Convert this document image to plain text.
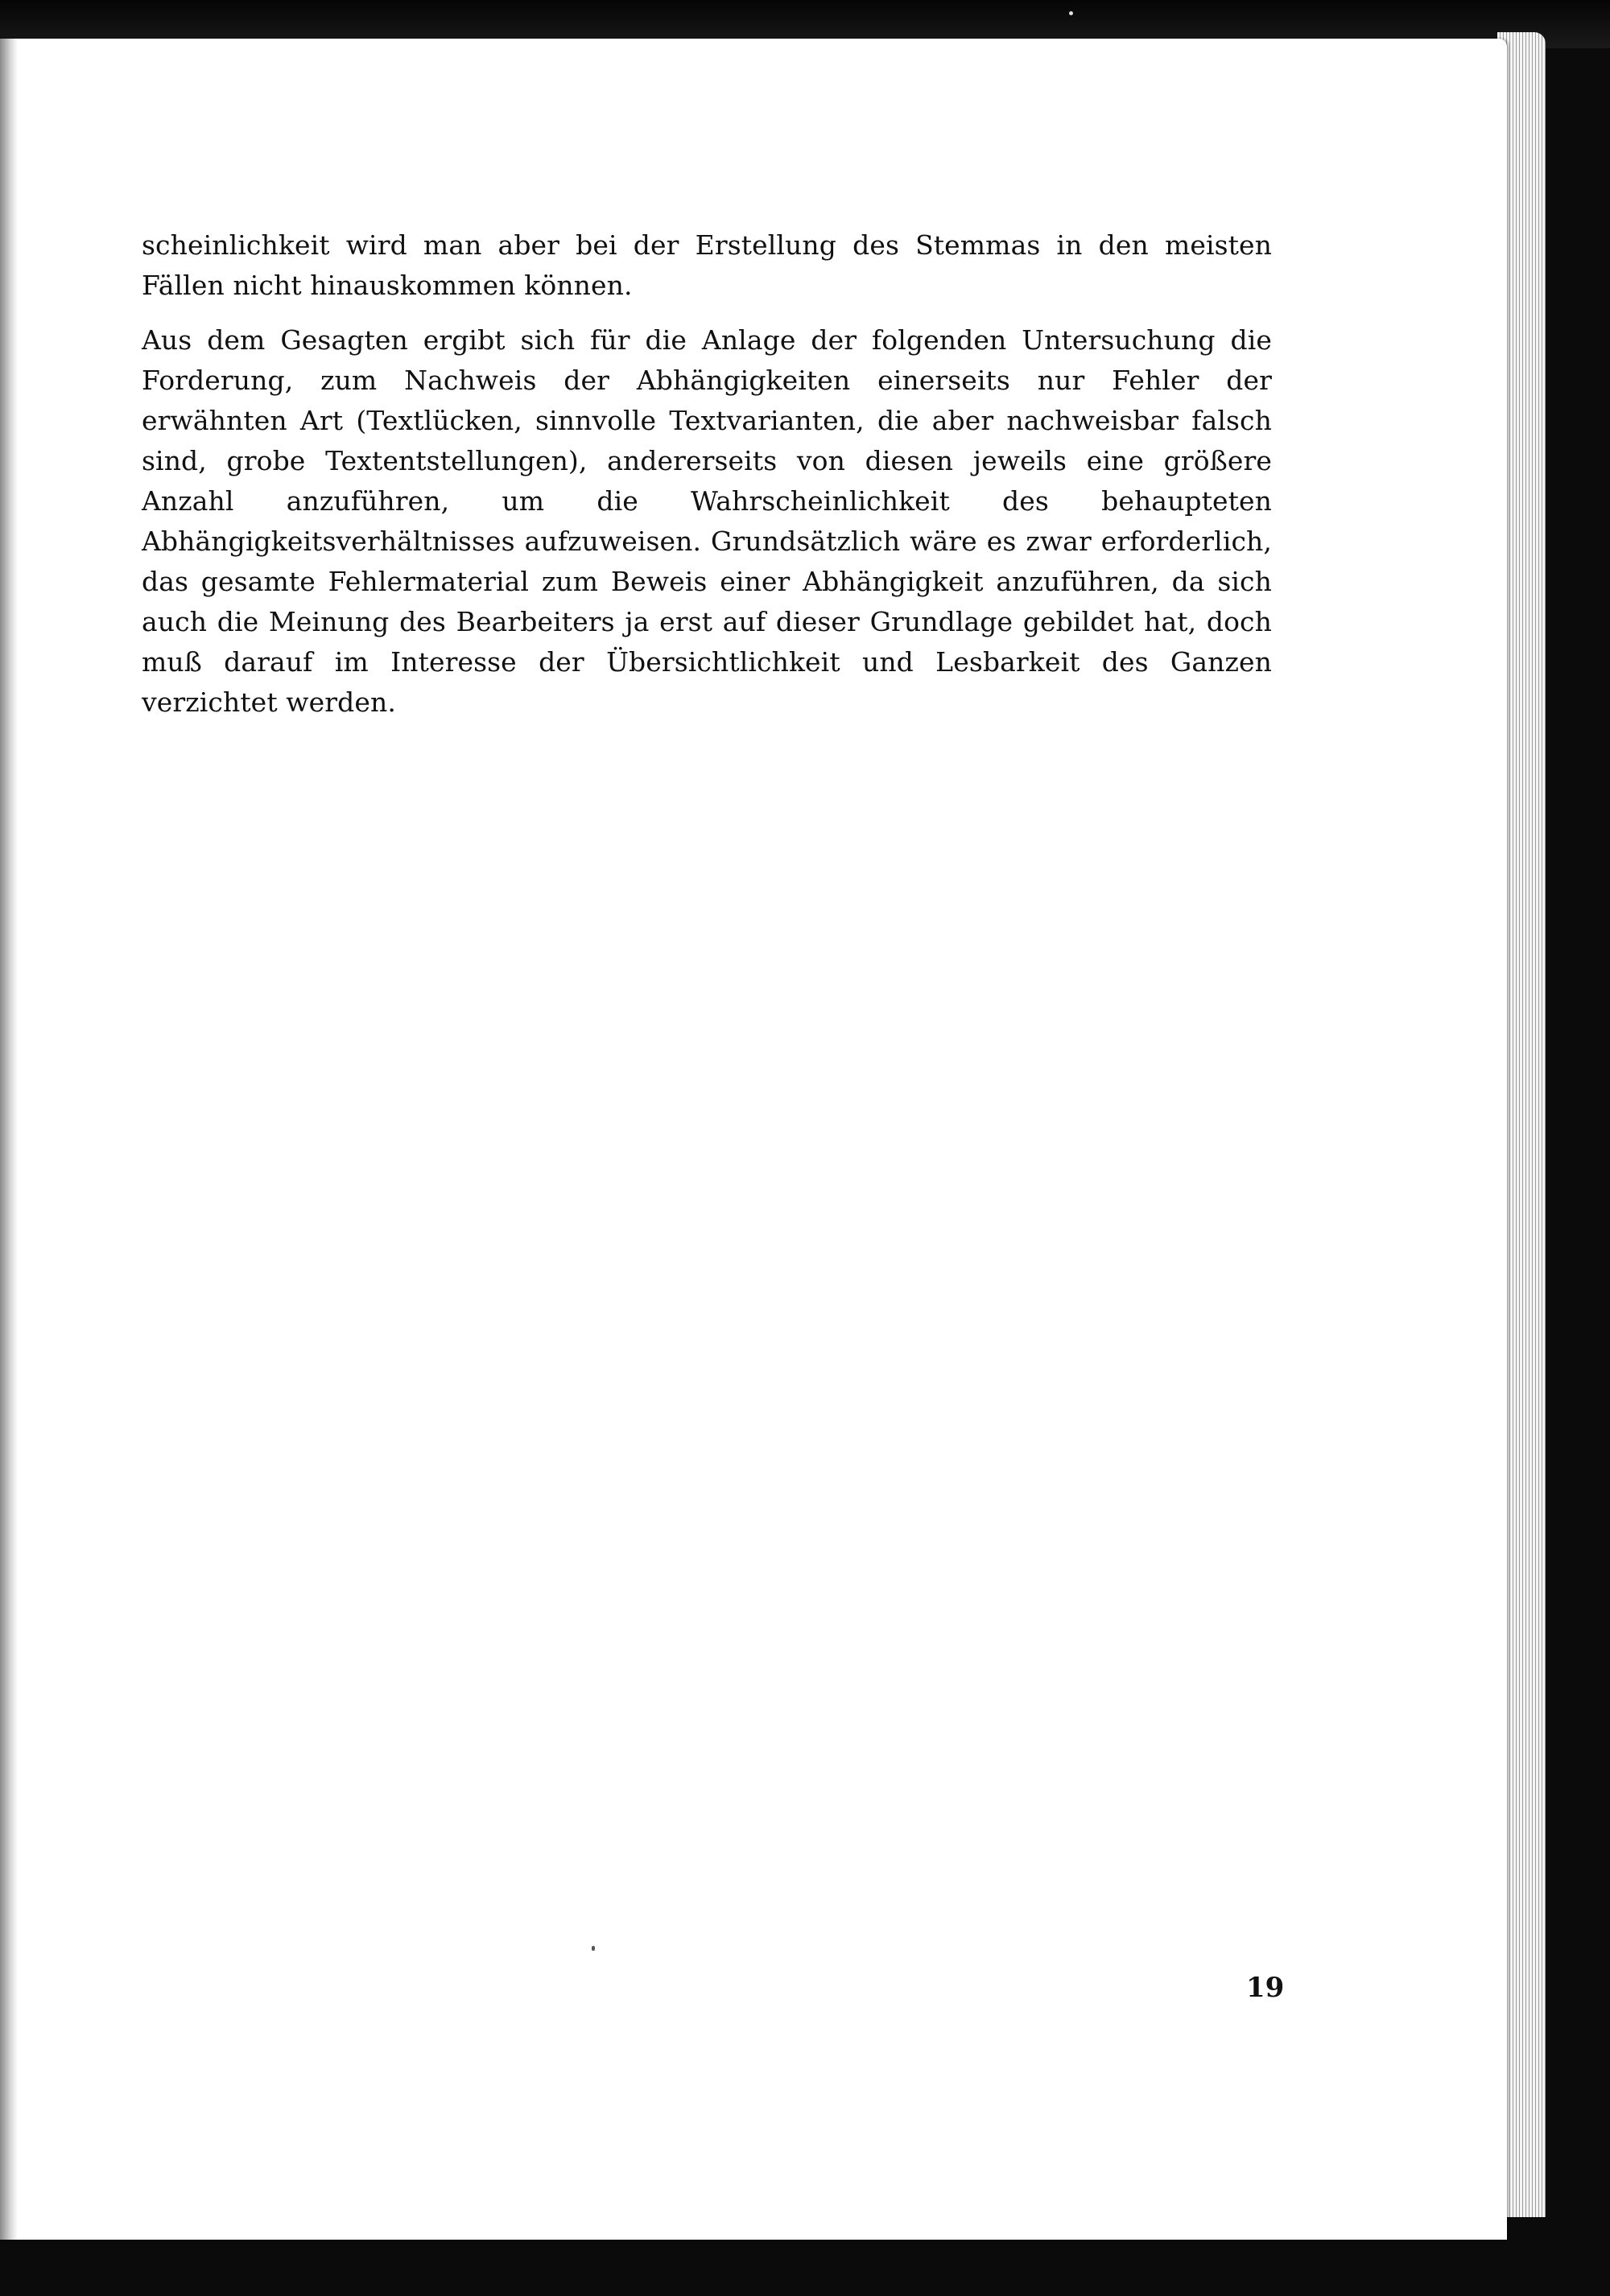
scheinlichkeit wird man aber bei der Erstellung des Stemmas in den meisten Fällen nicht hinauskommen können.

Aus dem Gesagten ergibt sich für die Anlage der folgenden Untersuchung die Forderung, zum Nachweis der Abhängigkeiten einerseits nur Fehler der erwähnten Art (Textlücken, sinnvolle Textvarianten, die aber nachweisbar falsch sind, grobe Textentstellungen), andererseits von diesen jeweils eine größere Anzahl anzuführen, um die Wahrscheinlichkeit des behaupteten Abhängigkeitsverhältnisses aufzuweisen. Grundsätzlich wäre es zwar erforderlich, das gesamte Fehlermaterial zum Beweis einer Abhängigkeit anzuführen, da sich auch die Meinung des Bearbeiters ja erst auf dieser Grundlage gebildet hat, doch muß darauf im Interesse der Übersichtlichkeit und Lesbarkeit des Ganzen verzichtet werden.

19
